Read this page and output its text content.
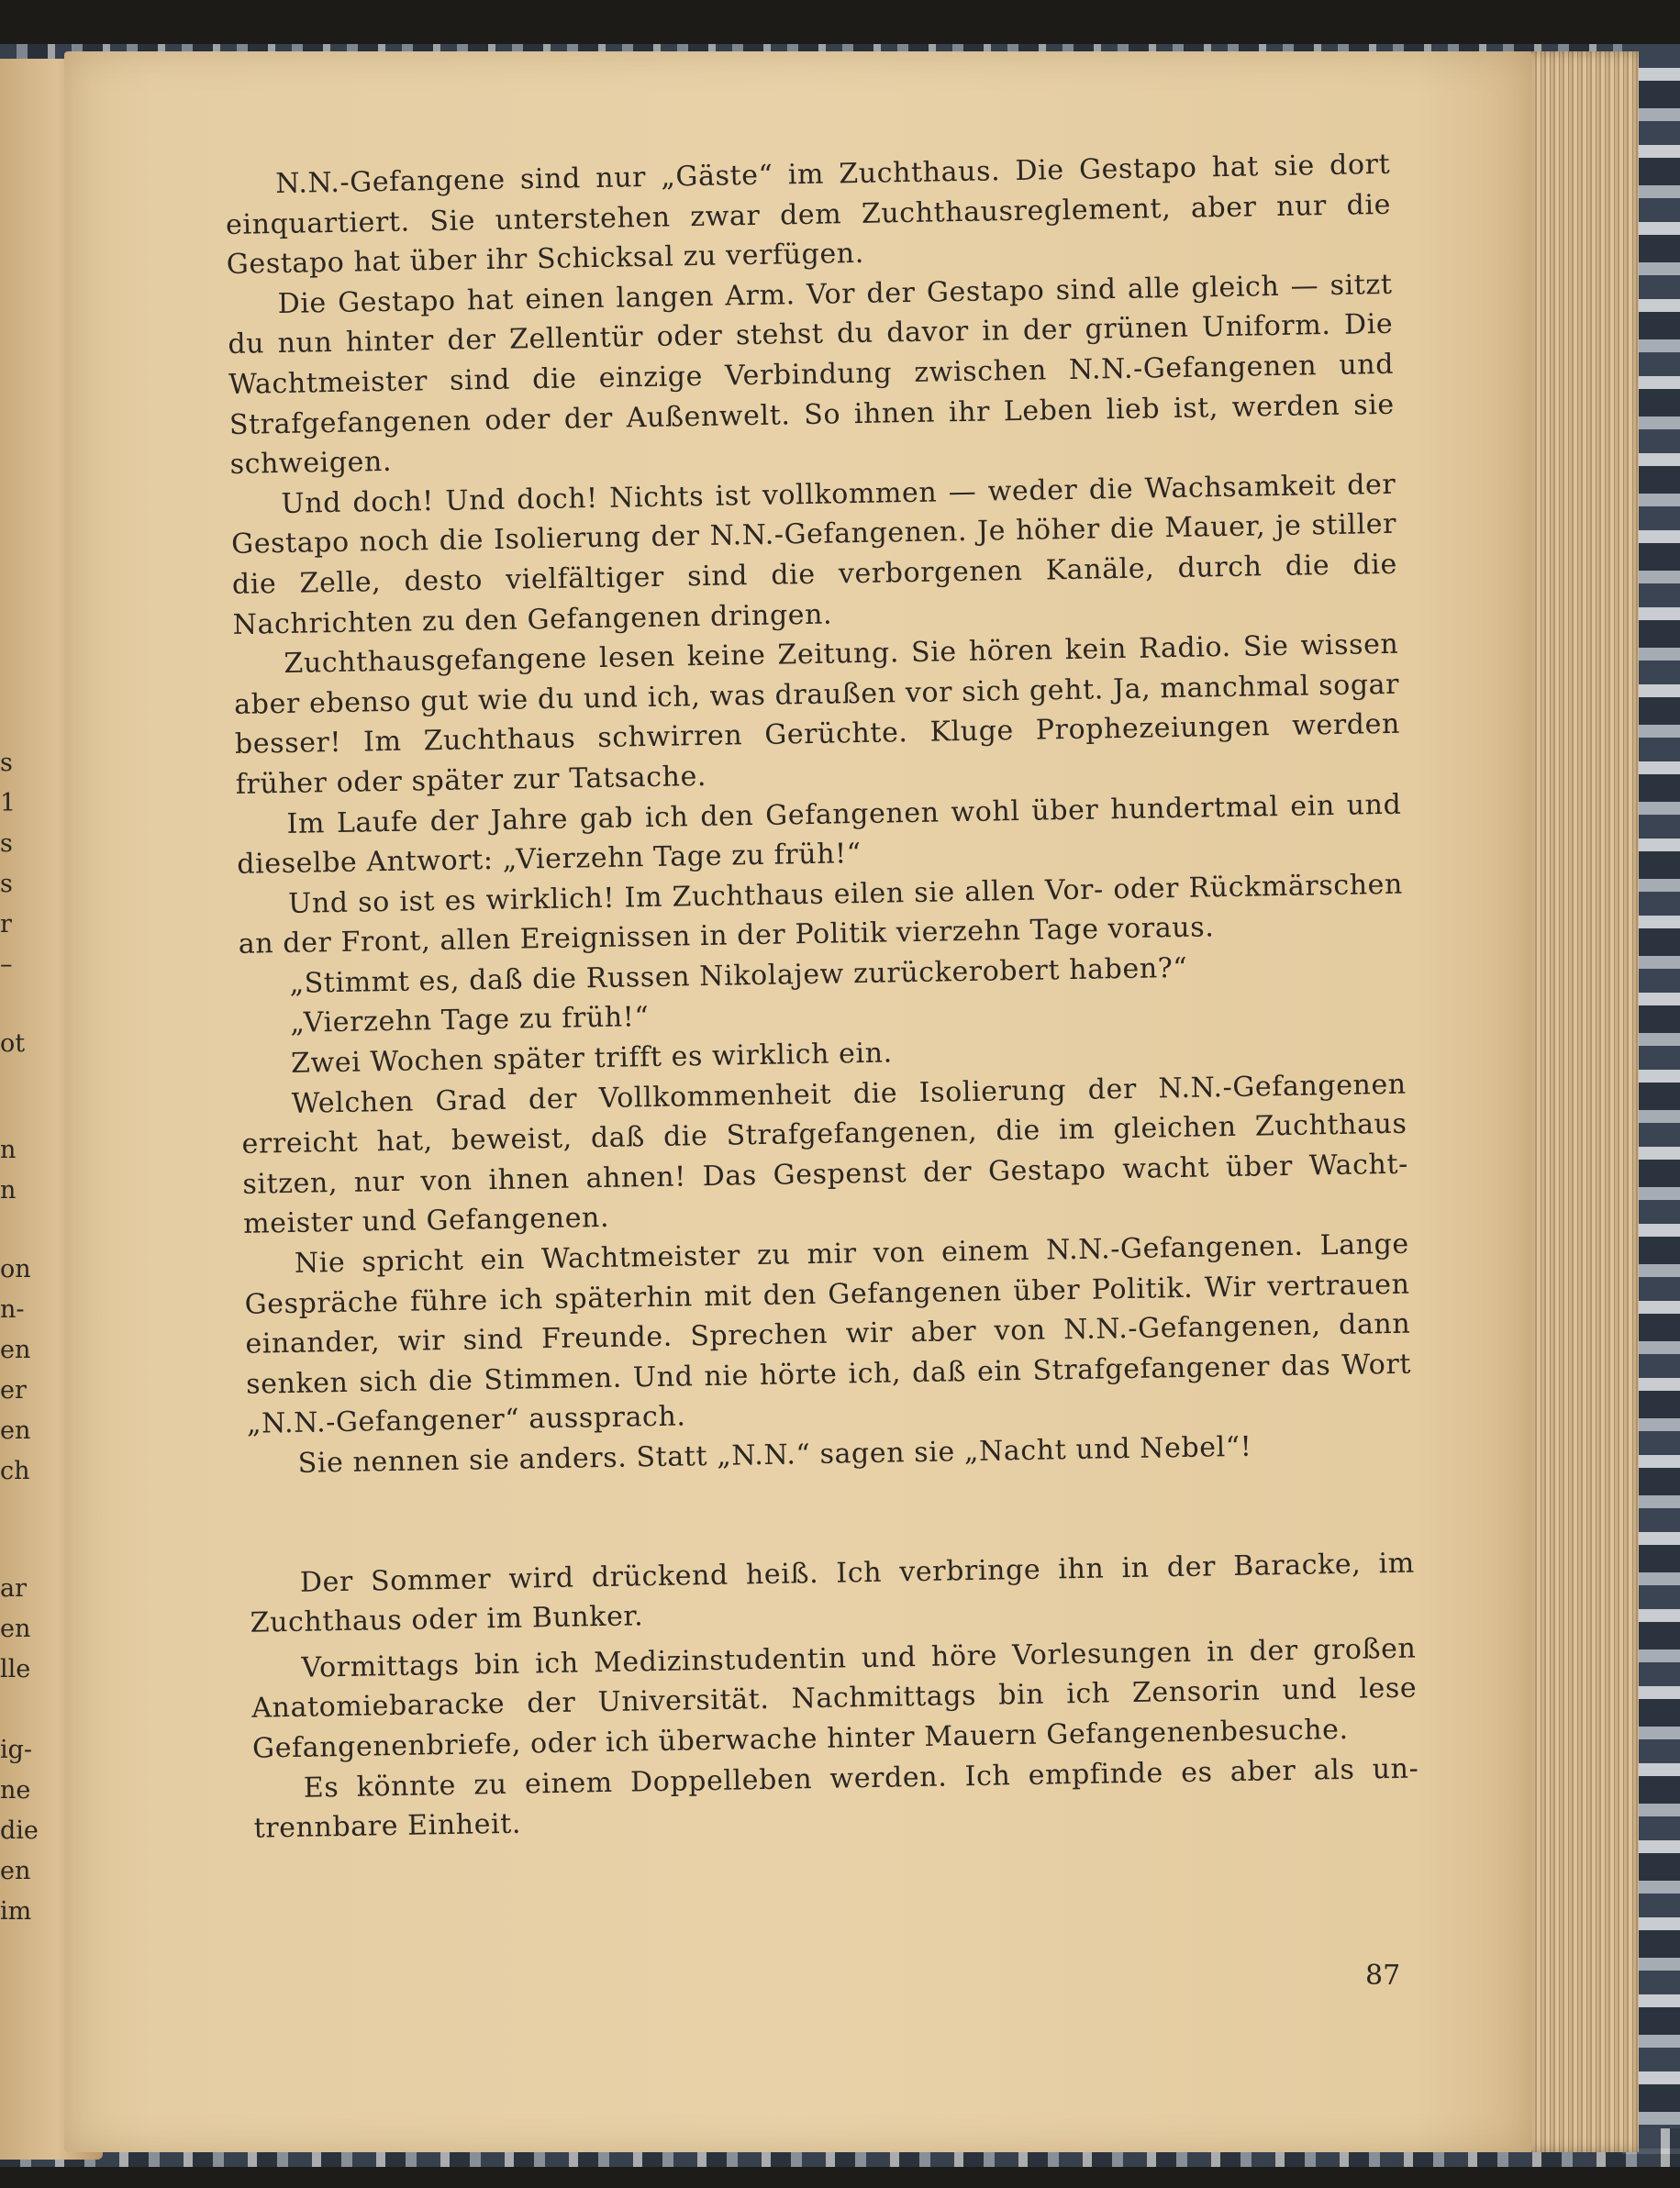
s
1
s
s
r
–
ot
n
n
on
n-
en
er
en
ch
ar
en
lle
ig-
ne
die
en
im

N.N.-Gefangene sind nur „Gäste“ im Zuchthaus. Die Gestapo hat sie dort einquartiert. Sie unterstehen zwar dem Zuchthausreglement, aber nur die Gestapo hat über ihr Schicksal zu verfügen.

Die Gestapo hat einen langen Arm. Vor der Gestapo sind alle gleich — sitzt du nun hinter der Zellentür oder stehst du davor in der grünen Uniform. Die Wachtmeister sind die einzige Verbindung zwischen N.N.-Gefangenen und Strafgefangenen oder der Außenwelt. So ihnen ihr Leben lieb ist, werden sie schweigen.

Und doch! Und doch! Nichts ist vollkommen — weder die Wachsamkeit der Gestapo noch die Isolierung der N.N.-Gefangenen. Je höher die Mauer, je stiller die Zelle, desto vielfältiger sind die verborgenen Kanäle, durch die die Nachrichten zu den Gefangenen dringen.

Zuchthausgefangene lesen keine Zeitung. Sie hören kein Radio. Sie wissen aber ebenso gut wie du und ich, was draußen vor sich geht. Ja, manchmal sogar besser! Im Zuchthaus schwirren Gerüchte. Kluge Prophezeiungen werden früher oder später zur Tatsache.

Im Laufe der Jahre gab ich den Gefangenen wohl über hundertmal ein und dieselbe Antwort: „Vierzehn Tage zu früh!“

Und so ist es wirklich! Im Zuchthaus eilen sie allen Vor- oder Rückmärschen an der Front, allen Ereignissen in der Politik vierzehn Tage voraus.

„Stimmt es, daß die Russen Nikolajew zurückerobert haben?“

„Vierzehn Tage zu früh!“

Zwei Wochen später trifft es wirklich ein.

Welchen Grad der Vollkommenheit die Isolierung der N.N.-Gefangenen erreicht hat, beweist, daß die Strafgefangenen, die im gleichen Zuchthaus sitzen, nur von ihnen ahnen! Das Gespenst der Gestapo wacht über Wachtmeister und Gefangenen.

Nie spricht ein Wachtmeister zu mir von einem N.N.-Gefangenen. Lange Gespräche führe ich späterhin mit den Gefangenen über Politik. Wir vertrauen einander, wir sind Freunde. Sprechen wir aber von N.N.-Gefangenen, dann senken sich die Stimmen. Und nie hörte ich, daß ein Strafgefangener das Wort „N.N.-Gefangener“ aussprach.

Sie nennen sie anders. Statt „N.N.“ sagen sie „Nacht und Nebel“!

Der Sommer wird drückend heiß. Ich verbringe ihn in der Baracke, im Zuchthaus oder im Bunker.

Vormittags bin ich Medizinstudentin und höre Vorlesungen in der großen Anatomiebaracke der Universität. Nachmittags bin ich Zensorin und lese Gefangenenbriefe, oder ich überwache hinter Mauern Gefangenenbesuche.

Es könnte zu einem Doppelleben werden. Ich empfinde es aber als untrennbare Einheit.

87
